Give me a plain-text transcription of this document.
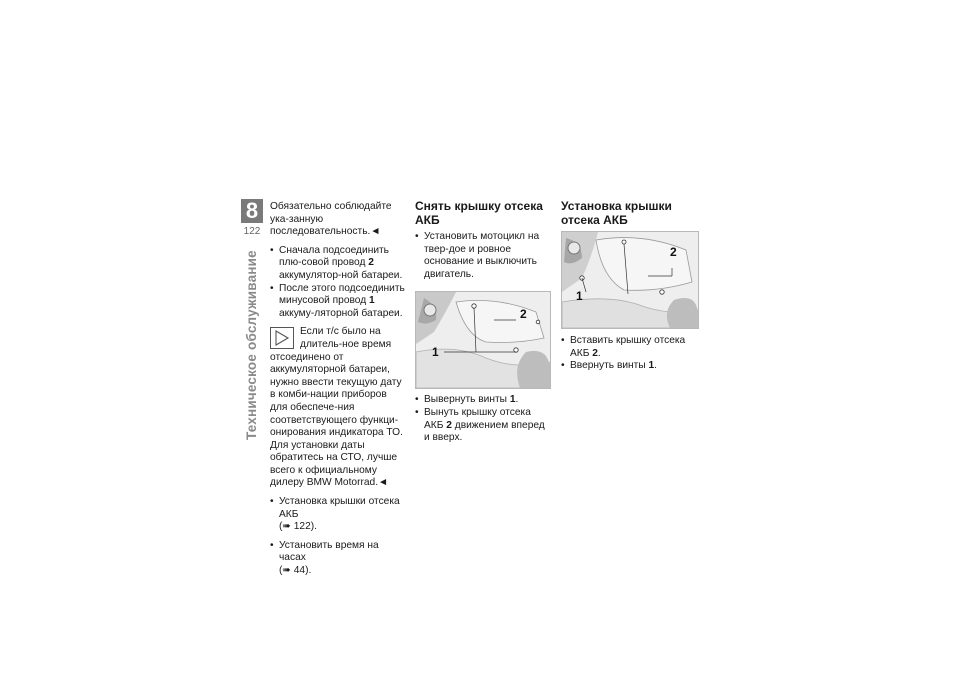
8
122
Техническое обслуживание

Обязательно соблюдайте ука-занную последовательность.◄

• Сначала подсоединить плю-совой провод 2 аккумулятор-ной батареи.
• После этого подсоединить минусовой провод 1 аккуму-ляторной батареи.
Если т/с было на длитель-ное время отсоединено от аккумуляторной батареи, нужно ввести текущую дату в комби-нации приборов для обеспече-ния соответствующего функци-онирования индикатора ТО. Для установки даты обратитесь на СТО, лучше всего к официальному дилеру BMW Motorrad.◄
• Установка крышки отсека АКБ
(➠ 122).
• Установить время на часах
(➠ 44).
Снять крышку отсека АКБ
• Установить мотоцикл на твер-дое и ровное основание и выключить двигатель.
2
1
• Вывернуть винты 1.
• Вынуть крышку отсека АКБ 2 движением вперед и вверх.
Установка крышки отсека АКБ
2
1
• Вставить крышку отсека АКБ 2.
• Ввернуть винты 1.
